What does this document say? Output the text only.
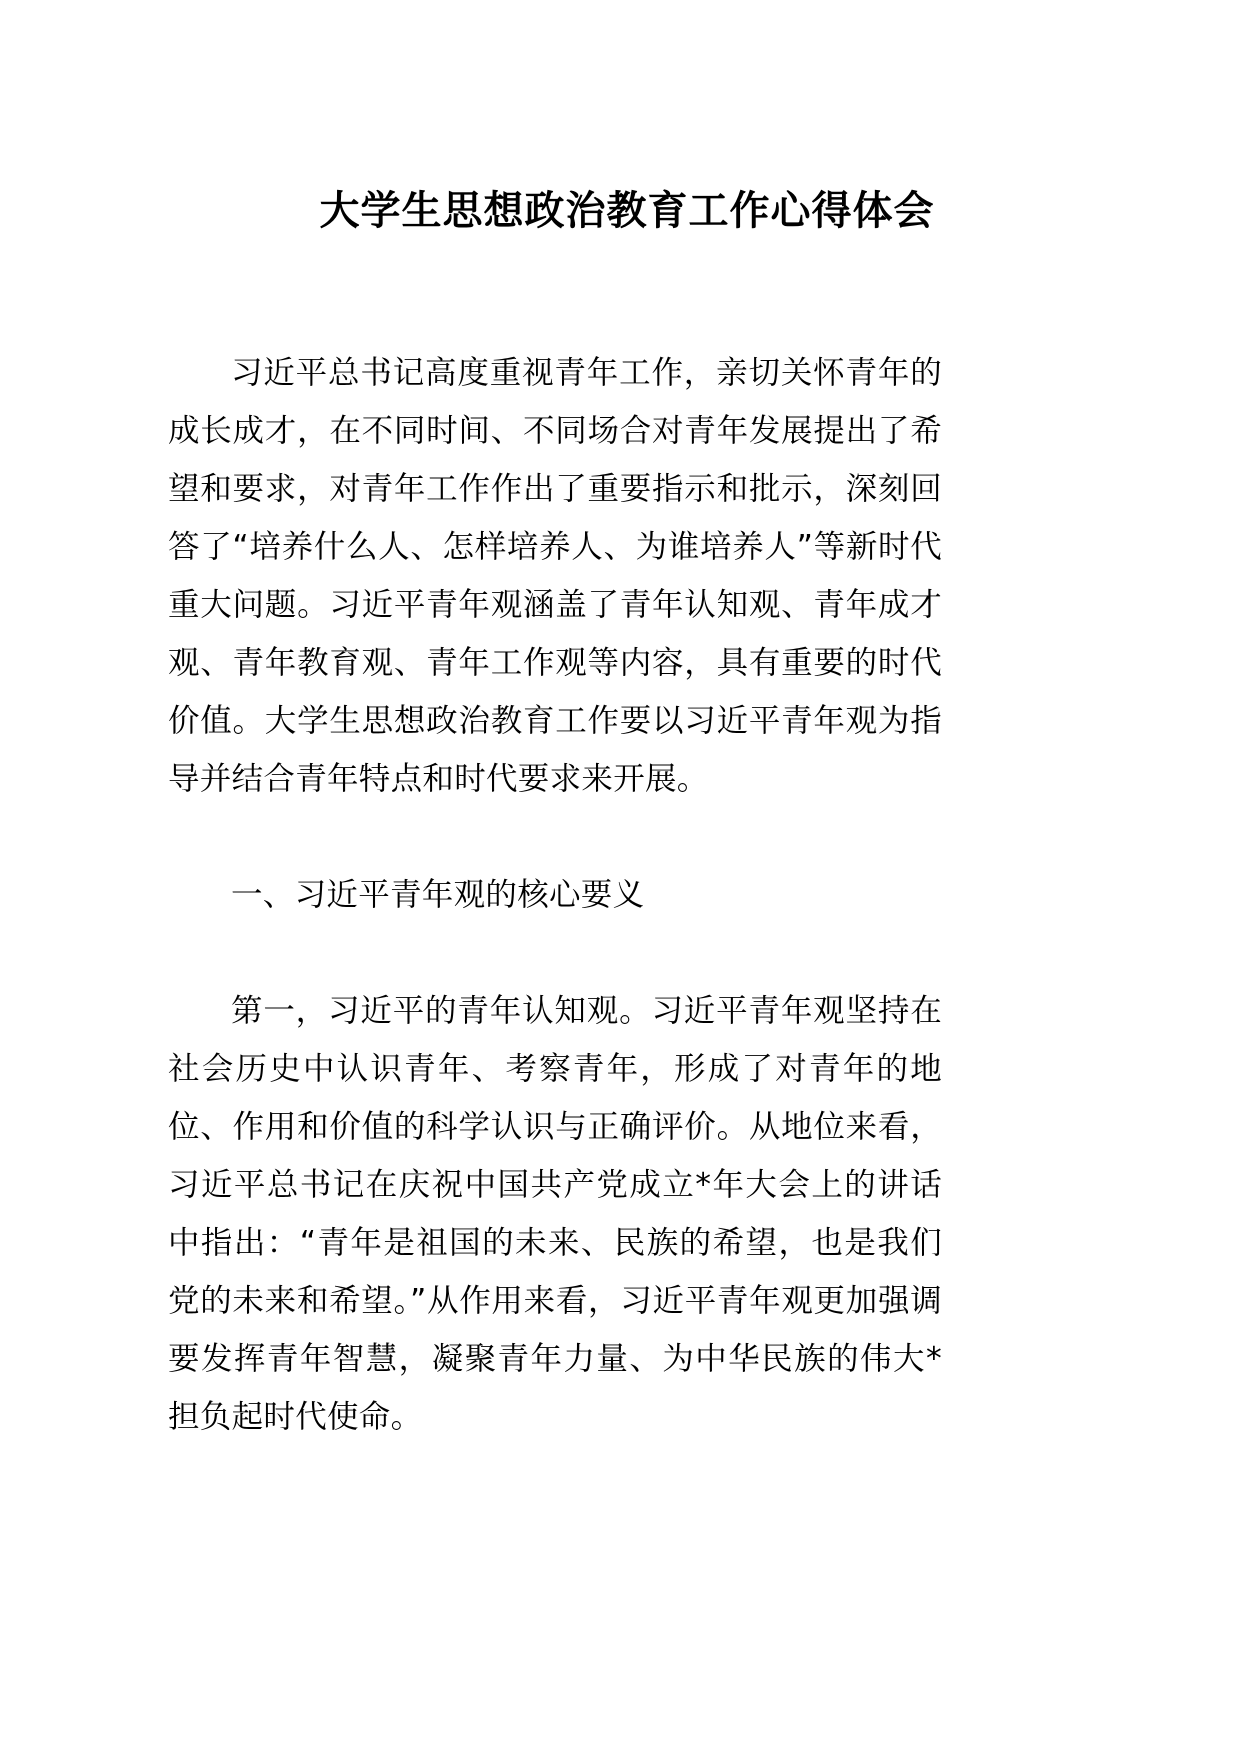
大学生思想政治教育工作心得体会

习近平总书记高度重视青年工作，亲切关怀青年的成长成才，在不同时间、不同场合对青年发展提出了希望和要求，对青年工作作出了重要指示和批示，深刻回答了“培养什么人、怎样培养人、为谁培养人”等新时代重大问题。习近平青年观涵盖了青年认知观、青年成才观、青年教育观、青年工作观等内容，具有重要的时代价值。大学生思想政治教育工作要以习近平青年观为指导并结合青年特点和时代要求来开展。

一、习近平青年观的核心要义

第一，习近平的青年认知观。习近平青年观坚持在社会历史中认识青年、考察青年，形成了对青年的地位、作用和价值的科学认识与正确评价。从地位来看，习近平总书记在庆祝中国共产党成立*年大会上的讲话中指出：“青年是祖国的未来、民族的希望，也是我们党的未来和希望。”从作用来看，习近平青年观更加强调要发挥青年智慧，凝聚青年力量、为中华民族的伟大*担负起时代使命。
